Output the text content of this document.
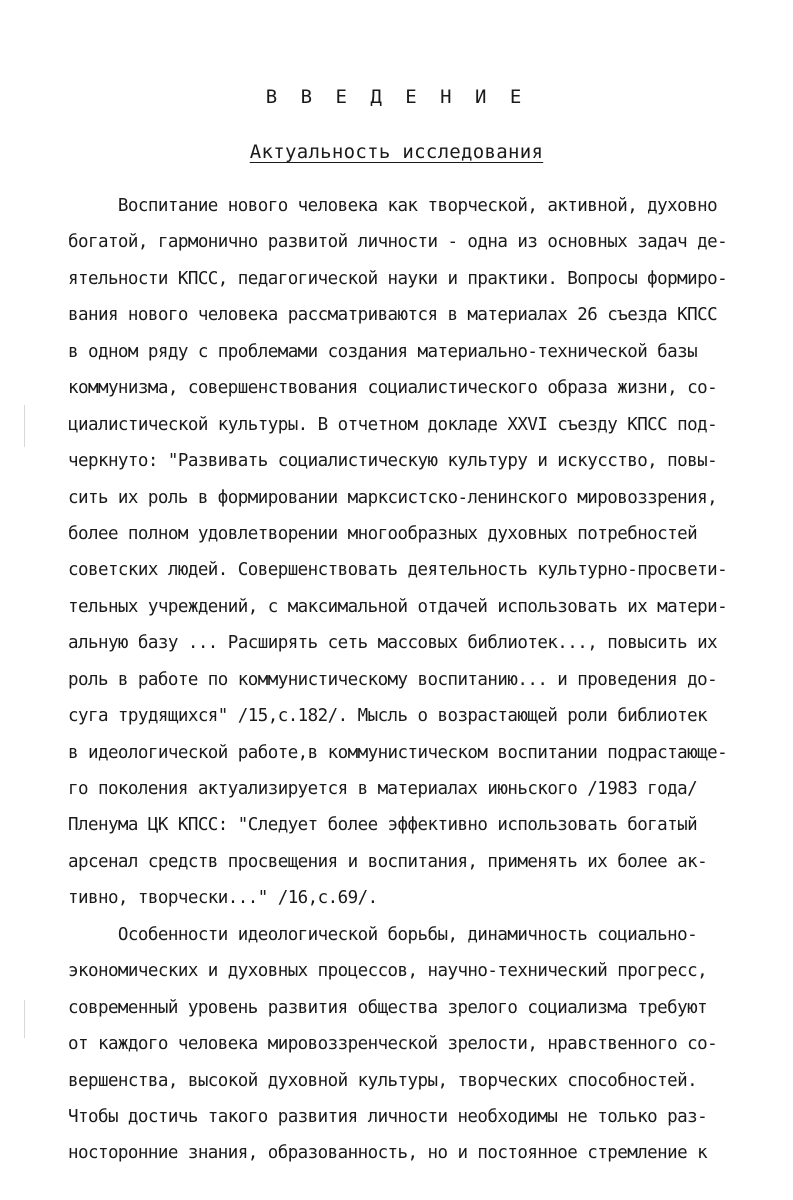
В В Е Д Е Н И Е
Актуальность исследования
Воспитание нового человека как творческой, активной, духовно
богатой, гармонично развитой личности - одна из основных задач де-
ятельности КПСС, педагогической науки и практики. Вопросы формиро-
вания нового человека рассматриваются в материалах 26 съезда КПСС
в одном ряду с проблемами создания материально-технической базы
коммунизма, совершенствования социалистического образа жизни, со-
циалистической культуры. В отчетном докладе XXVI съезду КПСС под-
черкнуто: "Развивать социалистическую культуру и искусство, повы-
сить их роль в формировании марксистско-ленинского мировоззрения,
более полном удовлетворении многообразных духовных потребностей
советских людей. Совершенствовать деятельность культурно-просвети-
тельных учреждений, с максимальной отдачей использовать их матери-
альную базу ... Расширять сеть массовых библиотек..., повысить их
роль в работе по коммунистическому воспитанию... и проведения до-
суга трудящихся" /15,с.182/. Мысль о возрастающей роли библиотек
в идеологической работе,в коммунистическом воспитании подрастающе-
го поколения актуализируется в материалах июньского /1983 года/
Пленума ЦК КПСС: "Следует более эффективно использовать богатый
арсенал средств просвещения и воспитания, применять их более ак-
тивно, творчески..." /16,с.69/.
Особенности идеологической борьбы, динамичность социально-
экономических и духовных процессов, научно-технический прогресс,
современный уровень развития общества зрелого социализма требуют
от каждого человека мировоззренческой зрелости, нравственного со-
вершенства, высокой духовной культуры, творческих способностей.
Чтобы достичь такого развития личности необходимы не только раз-
носторонние знания, образованность, но и постоянное стремление к
